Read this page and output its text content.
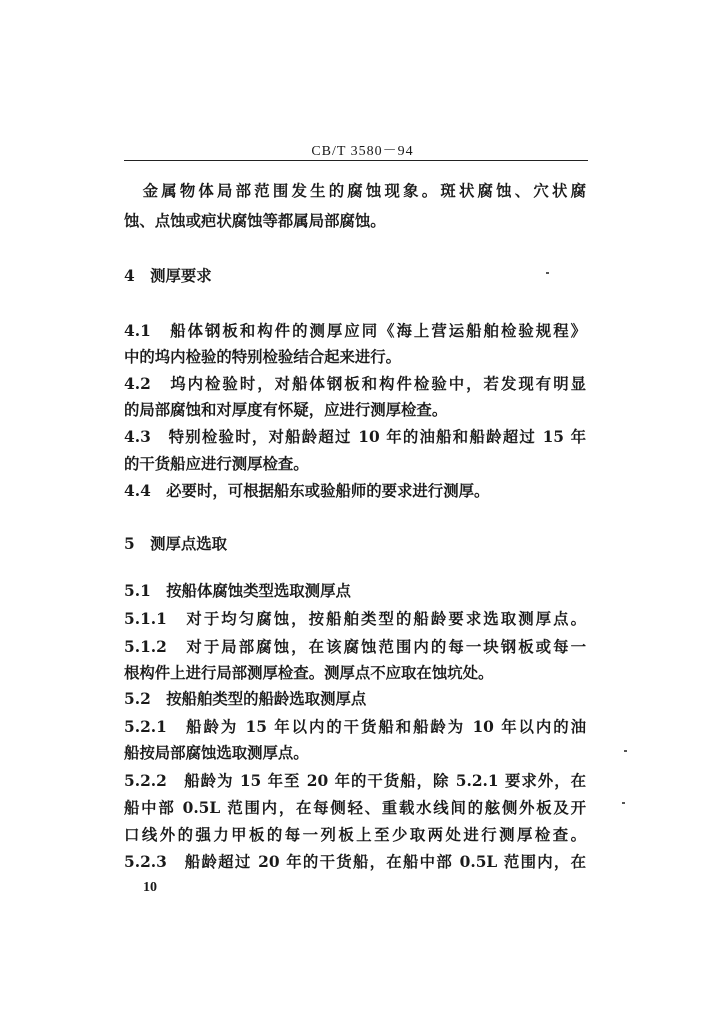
CB/T 3580－94
　金属物体局部范围发生的腐蚀现象。斑状腐蚀、穴状腐
蚀、点蚀或疤状腐蚀等都属局部腐蚀。
4　测厚要求
4.1　船体钢板和构件的测厚应同《海上营运船舶检验规程》
中的坞内检验的特别检验结合起来进行。
4.2　坞内检验时，对船体钢板和构件检验中，若发现有明显
的局部腐蚀和对厚度有怀疑，应进行测厚检查。
4.3　特别检验时，对船龄超过 10 年的油船和船龄超过 15 年
的干货船应进行测厚检查。
4.4　必要时，可根据船东或验船师的要求进行测厚。
5　测厚点选取
5.1　按船体腐蚀类型选取测厚点
5.1.1　对于均匀腐蚀，按船舶类型的船龄要求选取测厚点。
5.1.2　对于局部腐蚀，在该腐蚀范围内的每一块钢板或每一
根构件上进行局部测厚检查。测厚点不应取在蚀坑处。
5.2　按船舶类型的船龄选取测厚点
5.2.1　船龄为 15 年以内的干货船和船龄为 10 年以内的油
船按局部腐蚀选取测厚点。
5.2.2　船龄为 15 年至 20 年的干货船，除 5.2.1 要求外，在
船中部 0.5L 范围内，在每侧轻、重载水线间的舷侧外板及开
口线外的强力甲板的每一列板上至少取两处进行测厚检查。
5.2.3　船龄超过 20 年的干货船，在船中部 0.5L 范围内，在
10
